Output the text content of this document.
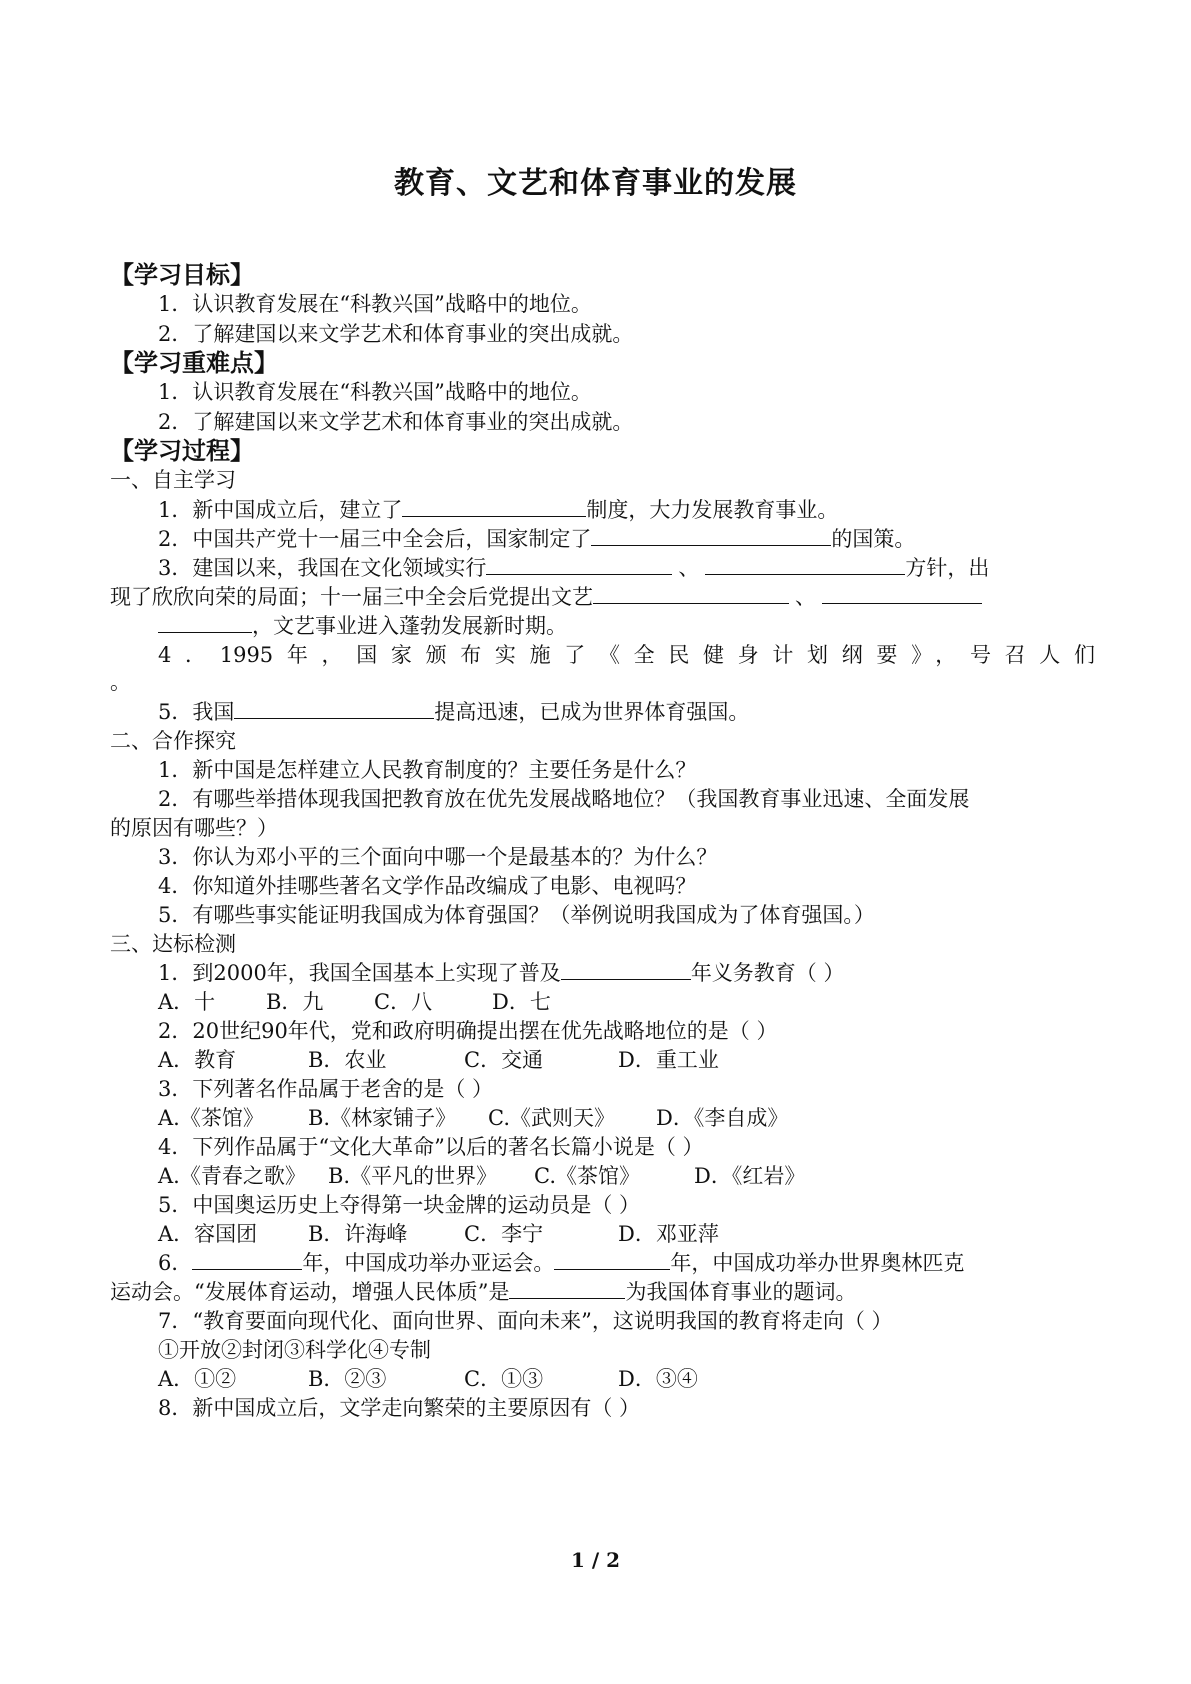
教育、文艺和体育事业的发展
【学习目标】
1．认识教育发展在“科教兴国”战略中的地位。
2．了解建国以来文学艺术和体育事业的突出成就。
【学习重难点】
1．认识教育发展在“科教兴国”战略中的地位。
2．了解建国以来文学艺术和体育事业的突出成就。
【学习过程】
一、自主学习
1．新中国成立后，建立了	制度，大力发展教育事业。
2．中国共产党十一届三中全会后，国家制定了	的国策。
3．建国以来，我国在文化领域实行	、	方针，出
现了欣欣向荣的局面；十一届三中全会后党提出文艺	、
，文艺事业进入蓬勃发展新时期。
4．1995年，国家颁布实施了《全民健身计划纲要》，号召人们
。
5．我国	提高迅速，已成为世界体育强国。
二、合作探究
1．新中国是怎样建立人民教育制度的？主要任务是什么？
2．有哪些举措体现我国把教育放在优先发展战略地位？（我国教育事业迅速、全面发展
的原因有哪些？）
3．你认为邓小平的三个面向中哪一个是最基本的？为什么？
4．你知道外挂哪些著名文学作品改编成了电影、电视吗？
5．有哪些事实能证明我国成为体育强国？（举例说明我国成为了体育强国。）
三、达标检测
1．到2000年，我国全国基本上实现了普及	年义务教育（ ）
A．十 B．九 C．八	D．七
2．20世纪90年代，党和政府明确提出摆在优先战略地位的是（ ）
A．教育	B．农业	C．交通	D．重工业
3．下列著名作品属于老舍的是（ ）
A.《茶馆》 B.《林家铺子》 C.《武则天》 D．《李自成》
4．下列作品属于“文化大革命”以后的著名长篇小说是（ ）
A.《青春之歌》 B.《平凡的世界》 C.《茶馆》	D．《红岩》
5．中国奥运历史上夺得第一块金牌的运动员是（ ）
A．容国团 B．许海峰	C．李宁	D．邓亚萍
6．	年，中国成功举办亚运会。	年，中国成功举办世界奥林匹克
运动会。“发展体育运动，增强人民体质”是	为我国体育事业的题词。
7．“教育要面向现代化、面向世界、面向未来”，这说明我国的教育将走向（ ）
①开放②封闭③科学化④专制
A．①②	B．②③	C．①③	D．③④
8．新中国成立后，文学走向繁荣的主要原因有（ ）
1 / 2
